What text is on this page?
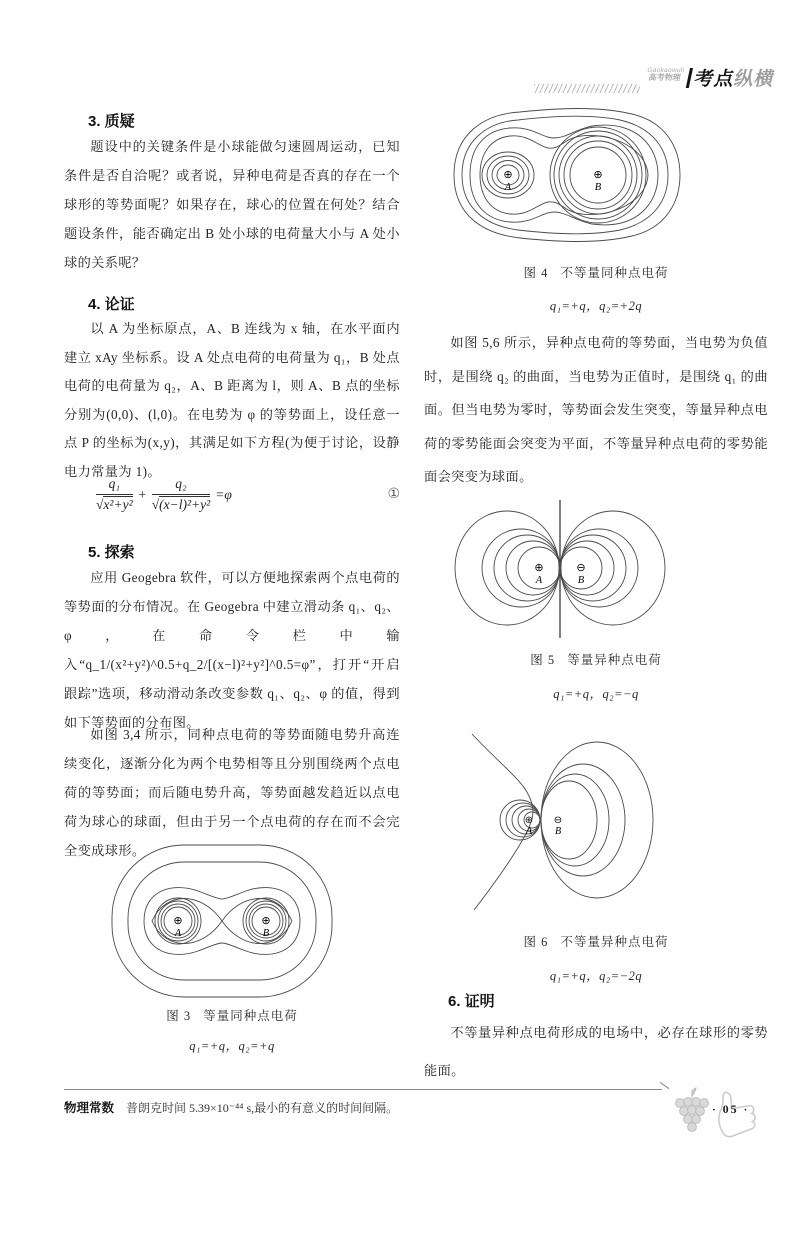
Gaokaowuli
高考物理 考点纵横
3. 质疑
题设中的关键条件是小球能做匀速圆周运动，已知条件是否自洽呢？或者说，异种电荷是否真的存在一个球形的等势面呢？如果存在，球心的位置在何处？结合题设条件，能否确定出 B 处小球的电荷量大小与 A 处小球的关系呢？
4. 论证
以 A 为坐标原点，A、B 连线为 x 轴，在水平面内建立 xAy 坐标系。设 A 处点电荷的电荷量为 q₁，B 处点电荷的电荷量为 q₂，A、B 距离为 l，则 A、B 点的坐标分别为(0,0)、(l,0)。在电势为 φ 的等势面上，设任意一点 P 的坐标为(x,y)，其满足如下方程(为便于讨论，设静电力常量为 1)。
$\frac{\text{q₁}}{\text{√x²+y²}} + \frac{\text{q₂}}{\text{√(x−l)²+y²}} =\varphi$	①
5. 探索
应用 Geogebra 软件，可以方便地探索两个点电荷的等势面的分布情况。在 Geogebra 中建立滑动条 q₁、q₂、φ，在命令栏中输入“q_1/(x²+y²)^0.5+q_2/[(x−l)²+y²]^0.5=φ”，打开“开启跟踪”选项，移动滑动条改变参数 q₁、q₂、φ 的值，得到如下等势面的分布图。
如图 3,4 所示，同种点电荷的等势面随电势升高连续变化，逐渐分化为两个电势相等且分别围绕两个点电荷的等势面；而后随电势升高，等势面越发趋近以点电荷为球心的球面，但由于另一个点电荷的存在而不会完全变成球形。
⊕
A
⊕
B
图 3 等量同种点电荷
q₁=+q，q₂=+q
⊕
A
⊕
B
图 4 不等量同种点电荷
q₁=+q，q₂=+2q
如图 5,6 所示，异种点电荷的等势面，当电势为负值时，是围绕 q₂ 的曲面，当电势为正值时，是围绕 q₁ 的曲面。但当电势为零时，等势面会发生突变，等量异种点电荷的零势能面会突变为平面，不等量异种点电荷的零势能面会突变为球面。
⊕
A
⊖
B
图 5 等量异种点电荷
q₁=+q，q₂=−q
⊕
A
⊖
B
图 6 不等量异种点电荷
q₁=+q，q₂=−2q
6. 证明
不等量异种点电荷形成的电场中，必存在球形的零势能面。
物理常数 普朗克时间 5.39×10⁻⁴⁴ s,最小的有意义的时间间隔。	· 05 ·
